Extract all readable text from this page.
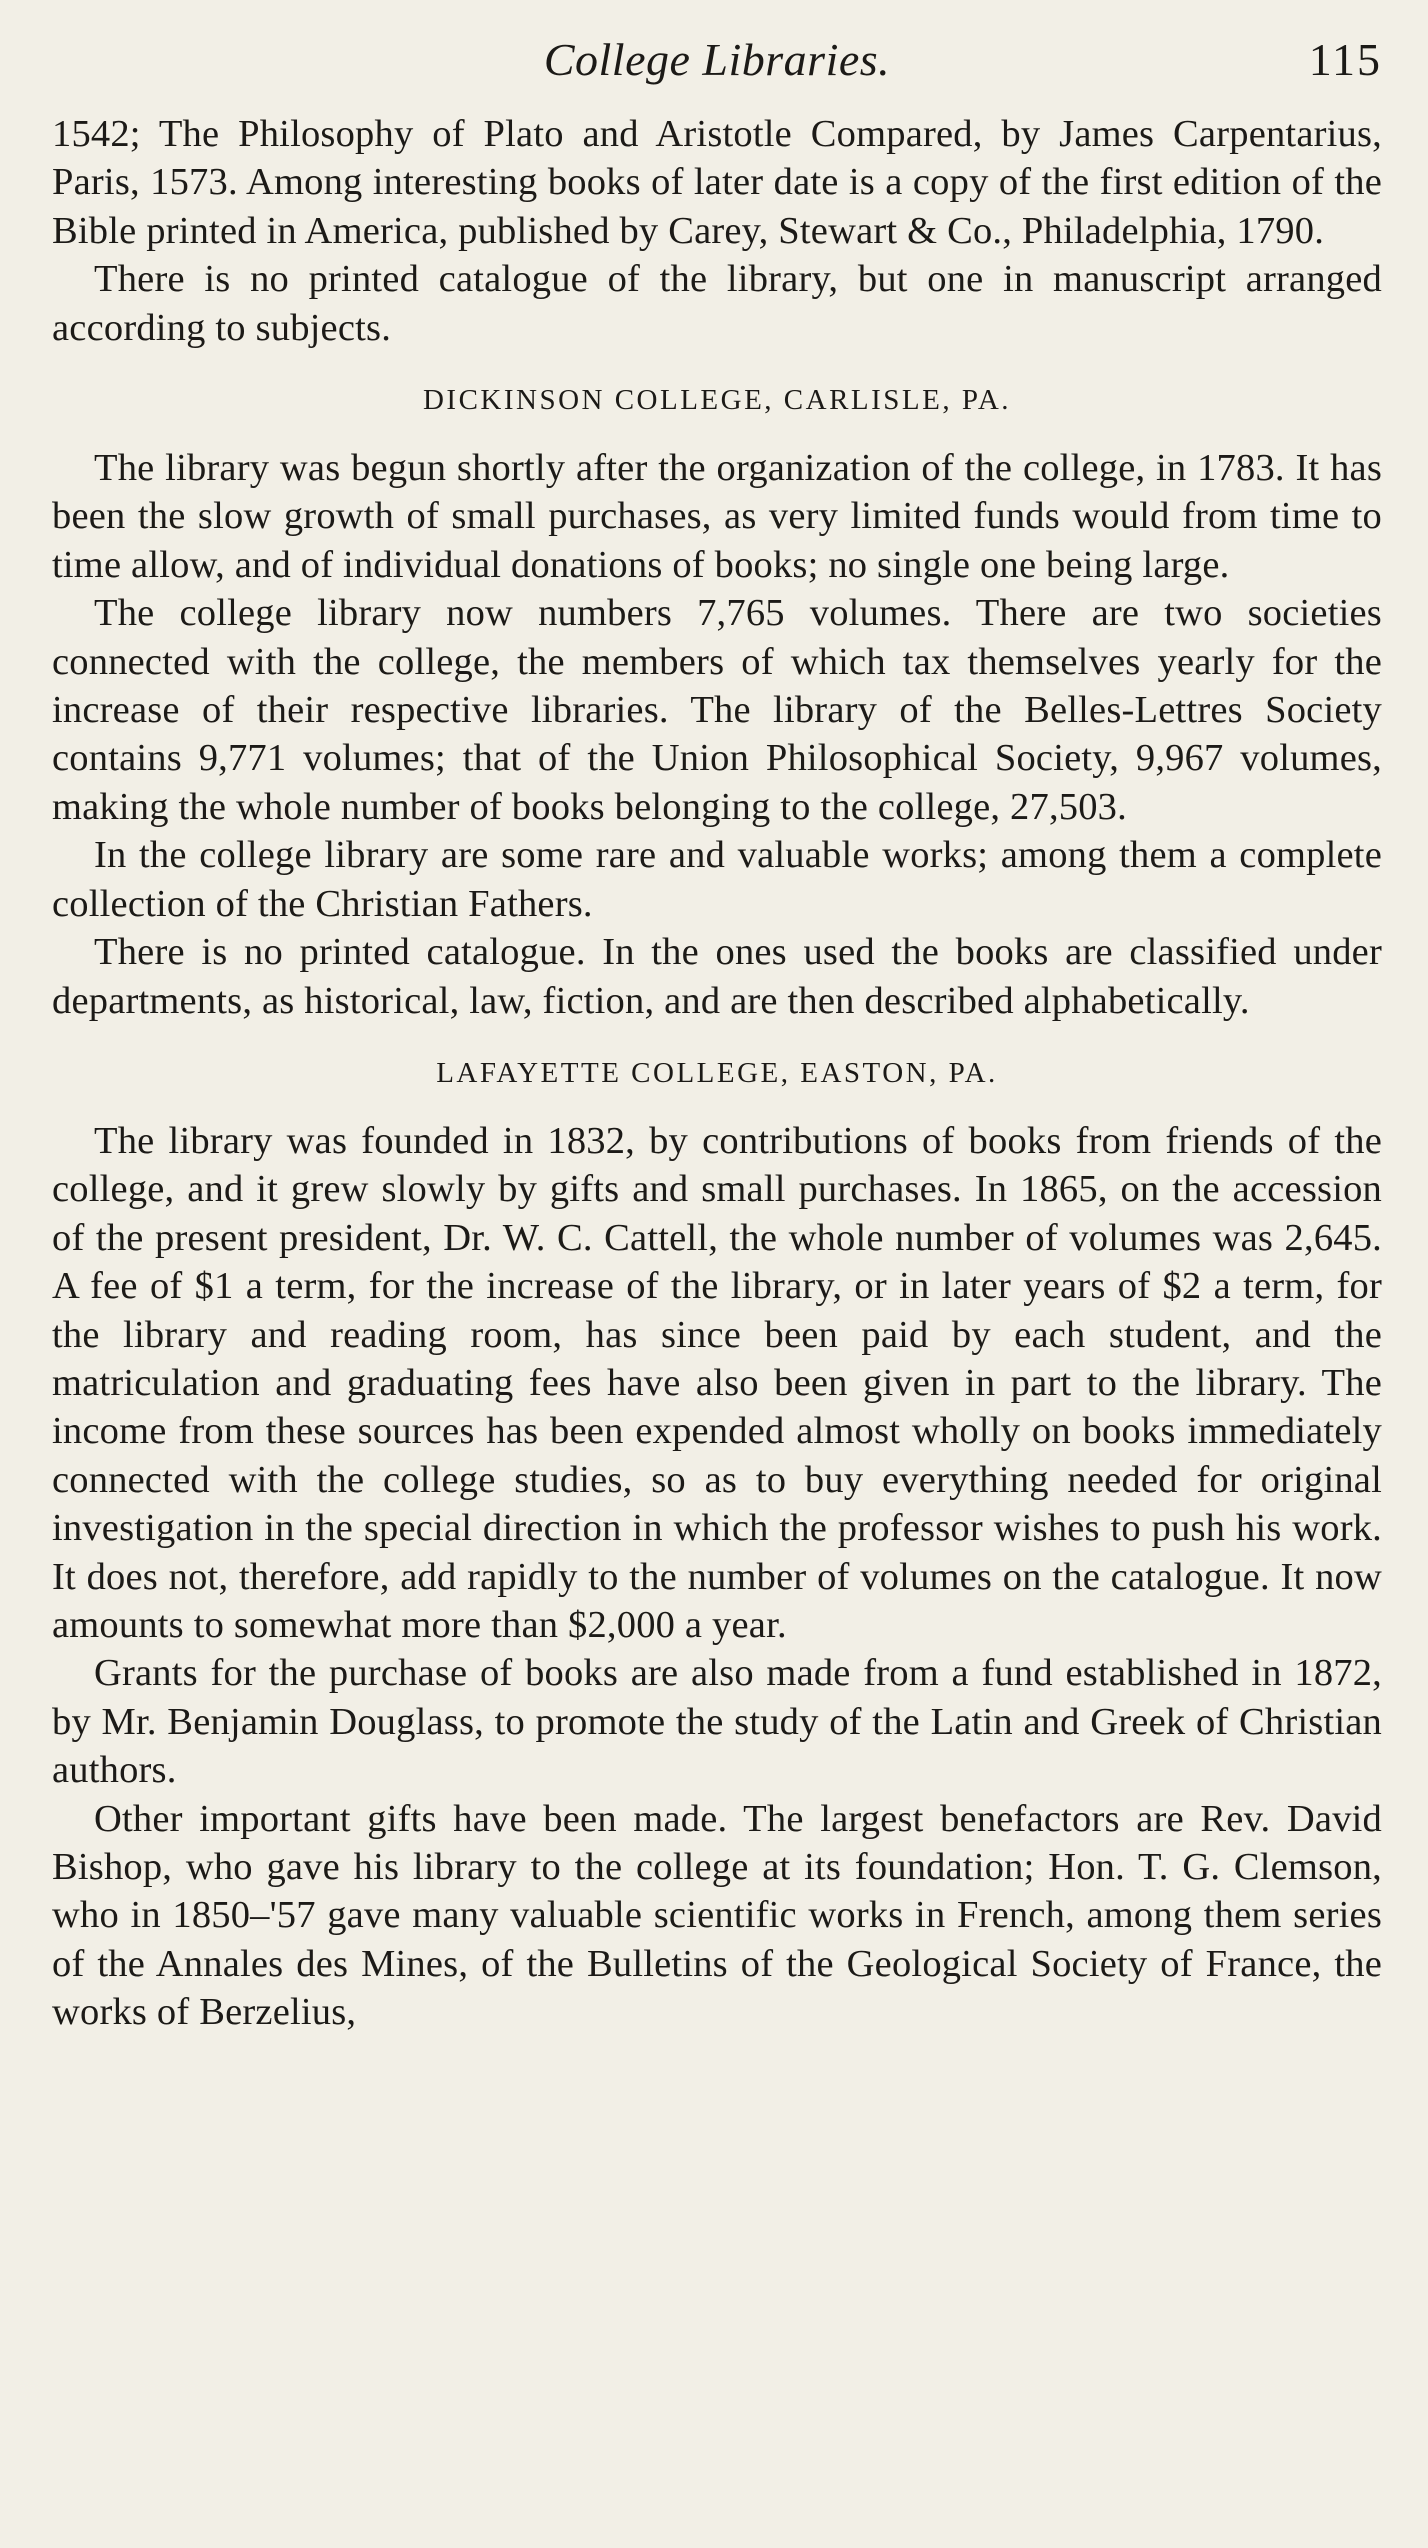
College Libraries.	115

1542; The Philosophy of Plato and Aristotle Compared, by James Carpentarius, Paris, 1573. Among interesting books of later date is a copy of the first edition of the Bible printed in America, published by Carey, Stewart & Co., Philadelphia, 1790.

There is no printed catalogue of the library, but one in manuscript arranged according to subjects.

DICKINSON COLLEGE, CARLISLE, PA.

The library was begun shortly after the organization of the college, in 1783. It has been the slow growth of small purchases, as very limited funds would from time to time allow, and of individual donations of books; no single one being large.

The college library now numbers 7,765 volumes. There are two societies connected with the college, the members of which tax themselves yearly for the increase of their respective libraries. The library of the Belles-Lettres Society contains 9,771 volumes; that of the Union Philosophical Society, 9,967 volumes, making the whole number of books belonging to the college, 27,503.

In the college library are some rare and valuable works; among them a complete collection of the Christian Fathers.

There is no printed catalogue. In the ones used the books are classified under departments, as historical, law, fiction, and are then described alphabetically.

LAFAYETTE COLLEGE, EASTON, PA.

The library was founded in 1832, by contributions of books from friends of the college, and it grew slowly by gifts and small purchases. In 1865, on the accession of the present president, Dr. W. C. Cattell, the whole number of volumes was 2,645. A fee of $1 a term, for the increase of the library, or in later years of $2 a term, for the library and reading room, has since been paid by each student, and the matriculation and graduating fees have also been given in part to the library. The income from these sources has been expended almost wholly on books immediately connected with the college studies, so as to buy everything needed for original investigation in the special direction in which the professor wishes to push his work. It does not, therefore, add rapidly to the number of volumes on the catalogue. It now amounts to somewhat more than $2,000 a year.

Grants for the purchase of books are also made from a fund established in 1872, by Mr. Benjamin Douglass, to promote the study of the Latin and Greek of Christian authors.

Other important gifts have been made. The largest benefactors are Rev. David Bishop, who gave his library to the college at its foundation; Hon. T. G. Clemson, who in 1850–'57 gave many valuable scientific works in French, among them series of the Annales des Mines, of the Bulletins of the Geological Society of France, the works of Berzelius,
